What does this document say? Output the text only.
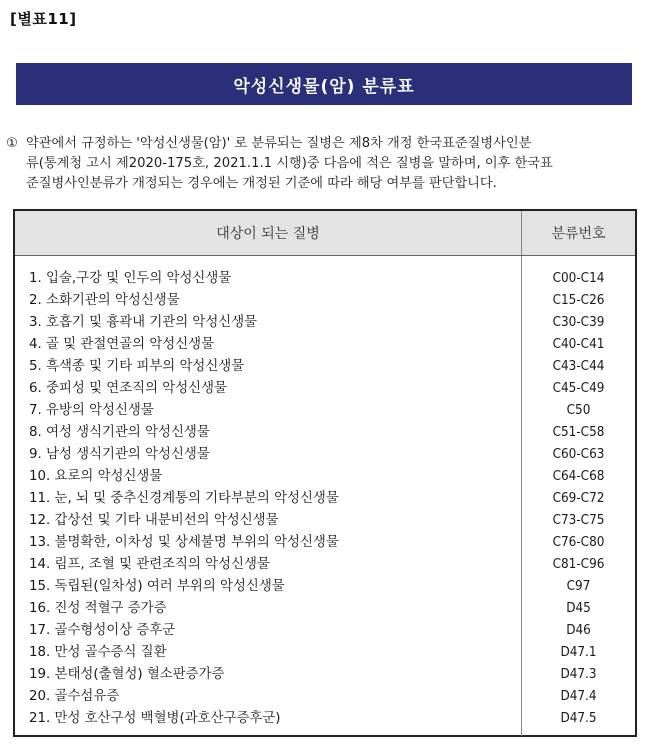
[별표11]
악성신생물(암) 분류표
① 약관에서 규정하는 '악성신생물(암)' 로 분류되는 질병은 제8차 개정 한국표준질병사인분
류(통계청 고시 제2020-175호, 2021.1.1 시행)중 다음에 적은 질병을 말하며, 이후 한국표
준질병사인분류가 개정되는 경우에는 개정된 기준에 따라 해당 여부를 판단합니다.
대상이 되는 질병	분류번호
1. 입술,구강 및 인두의 악성신생물
2. 소화기관의 악성신생물
3. 호흡기 및 흉곽내 기관의 악성신생물
4. 골 및 관절연골의 악성신생물
5. 흑색종 및 기타 피부의 악성신생물
6. 중피성 및 연조직의 악성신생물
7. 유방의 악성신생물
8. 여성 생식기관의 악성신생물
9. 남성 생식기관의 악성신생물
10. 요로의 악성신생물
11. 눈, 뇌 및 중추신경계통의 기타부분의 악성신생물
12. 갑상선 및 기타 내분비선의 악성신생물
13. 불명확한, 이차성 및 상세불명 부위의 악성신생물
14. 림프, 조혈 및 관련조직의 악성신생물
15. 독립된(일차성) 여러 부위의 악성신생물
16. 진성 적혈구 증가증
17. 골수형성이상 증후군
18. 만성 골수증식 질환
19. 본태성(출혈성) 혈소판증가증
20. 골수섬유증
21. 만성 호산구성 백혈병(과호산구증후군)
C00-C14
C15-C26
C30-C39
C40-C41
C43-C44
C45-C49
C50
C51-C58
C60-C63
C64-C68
C69-C72
C73-C75
C76-C80
C81-C96
C97
D45
D46
D47.1
D47.3
D47.4
D47.5
